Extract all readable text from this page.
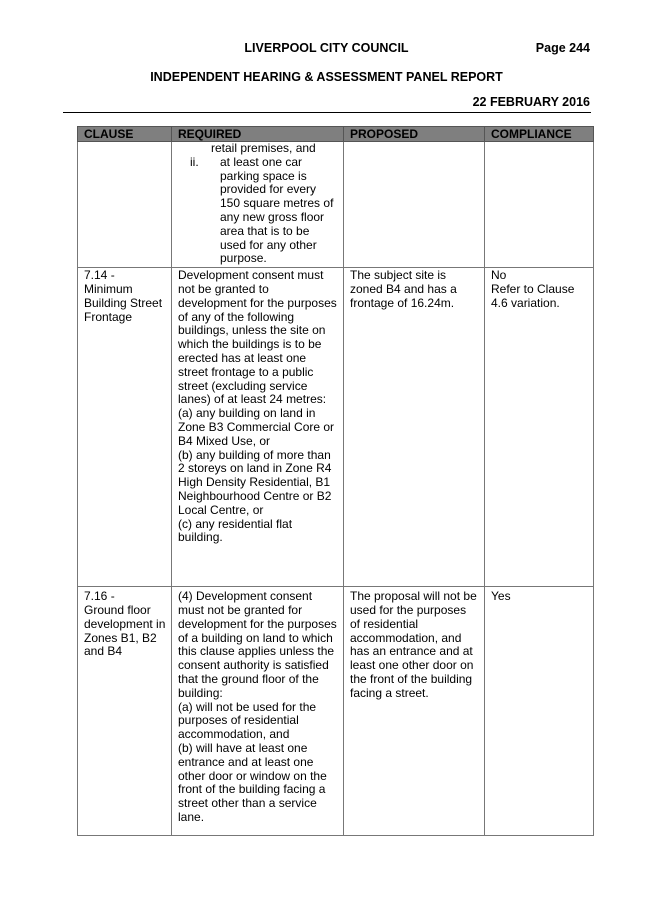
LIVERPOOL CITY COUNCIL	Page 244
INDEPENDENT HEARING & ASSESSMENT PANEL REPORT
22 FEBRUARY 2016
CLAUSE	REQUIRED	PROPOSED	COMPLIANCE

	retail premises, and
ii. at least one car parking space is provided for every 150 square metres of any new gross floor area that is to be used for any other purpose.		

7.14 - Minimum Building Street Frontage	Development consent must not be granted to development for the purposes of any of the following buildings, unless the site on which the buildings is to be erected has at least one street frontage to a public street (excluding service lanes) of at least 24 metres:
(a) any building on land in Zone B3 Commercial Core or B4 Mixed Use, or
(b) any building of more than 2 storeys on land in Zone R4 High Density Residential, B1 Neighbourhood Centre or B2 Local Centre, or
(c) any residential flat building.	The subject site is zoned B4 and has a frontage of 16.24m.	No
Refer to Clause 4.6 variation.

7.16 -
Ground floor development in Zones B1, B2 and B4	(4) Development consent must not be granted for development for the purposes of a building on land to which this clause applies unless the consent authority is satisfied that the ground floor of the building:
(a) will not be used for the purposes of residential accommodation, and
(b) will have at least one entrance and at least one other door or window on the front of the building facing a street other than a service lane.	The proposal will not be used for the purposes of residential accommodation, and has an entrance and at least one other door on the front of the building facing a street.	Yes
